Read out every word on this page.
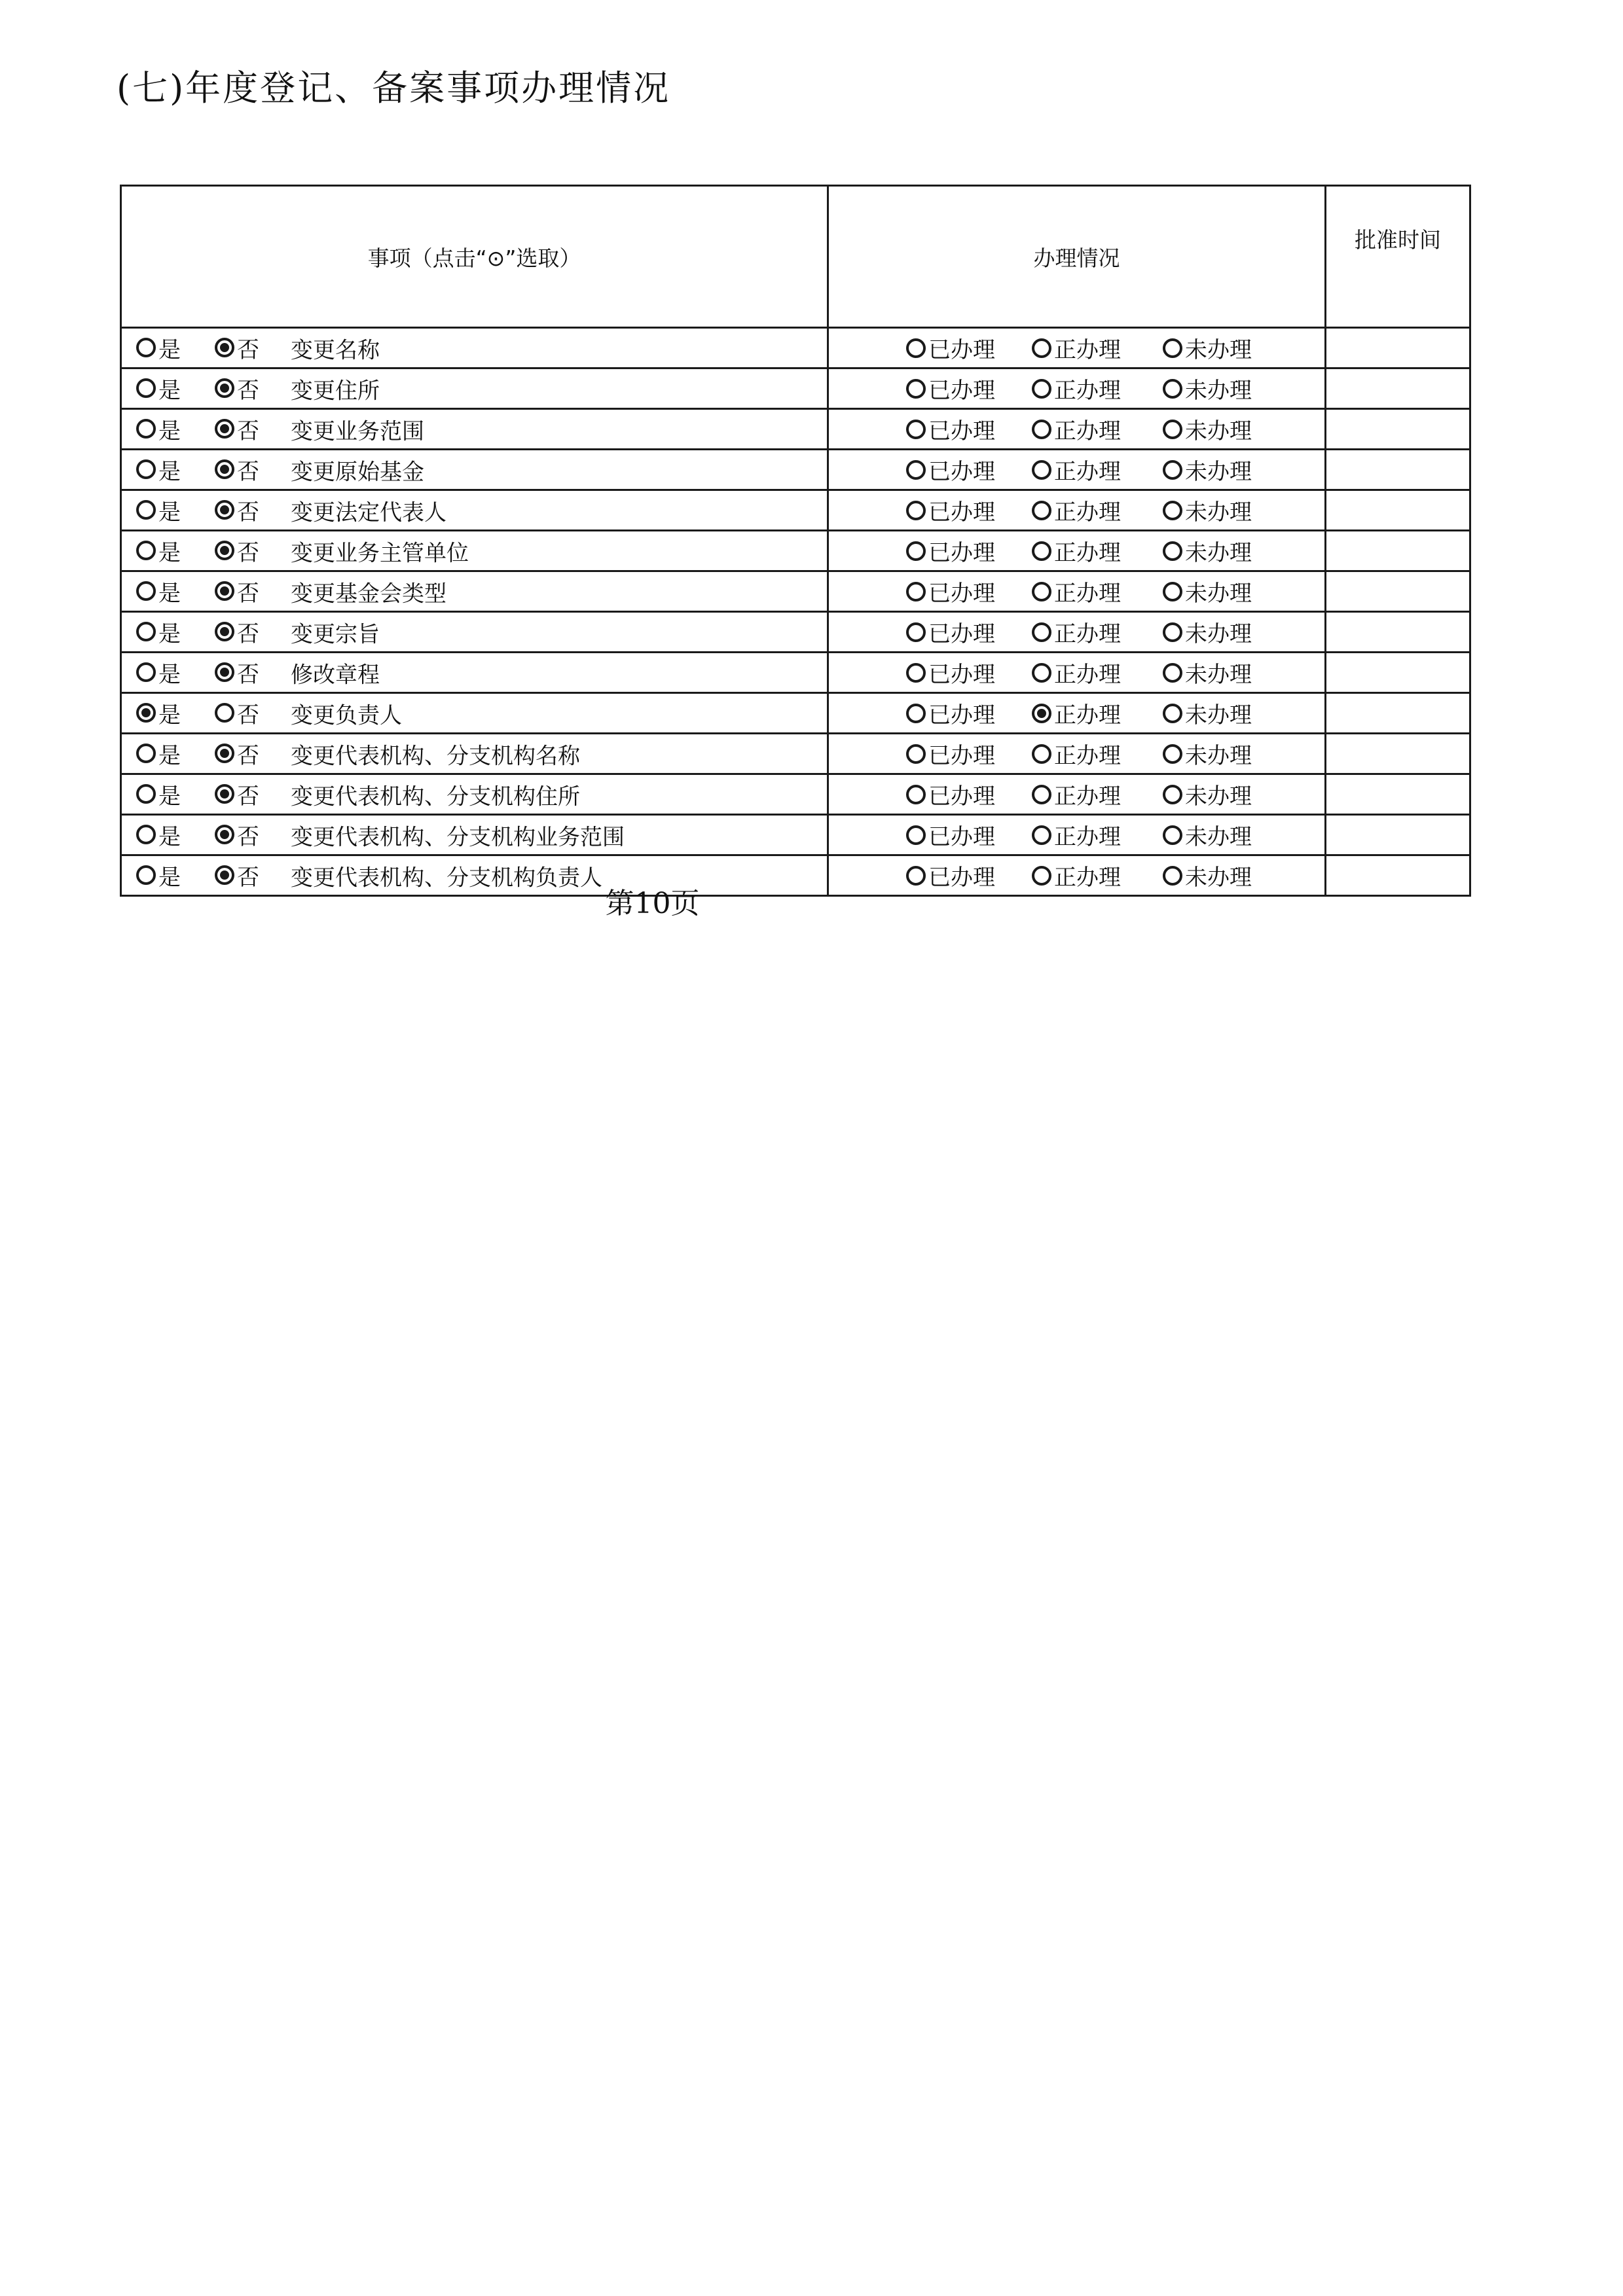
(七)年度登记、备案事项办理情况
事项（点击“⊙”选取）	办理情况	批准时间

是 否 变更名称	已办理 正办理 未办理	

是 否 变更住所	已办理 正办理 未办理	

是 否 变更业务范围	已办理 正办理 未办理	

是 否 变更原始基金	已办理 正办理 未办理	

是 否 变更法定代表人	已办理 正办理 未办理	

是 否 变更业务主管单位	已办理 正办理 未办理	

是 否 变更基金会类型	已办理 正办理 未办理	

是 否 变更宗旨	已办理 正办理 未办理	

是 否 修改章程	已办理 正办理 未办理	

是 否 变更负责人	已办理 正办理 未办理	

是 否 变更代表机构、分支机构名称	已办理 正办理 未办理	

是 否 变更代表机构、分支机构住所	已办理 正办理 未办理	

是 否 变更代表机构、分支机构业务范围	已办理 正办理 未办理	

是 否 变更代表机构、分支机构负责人	已办理 正办理 未办理	

第10页
